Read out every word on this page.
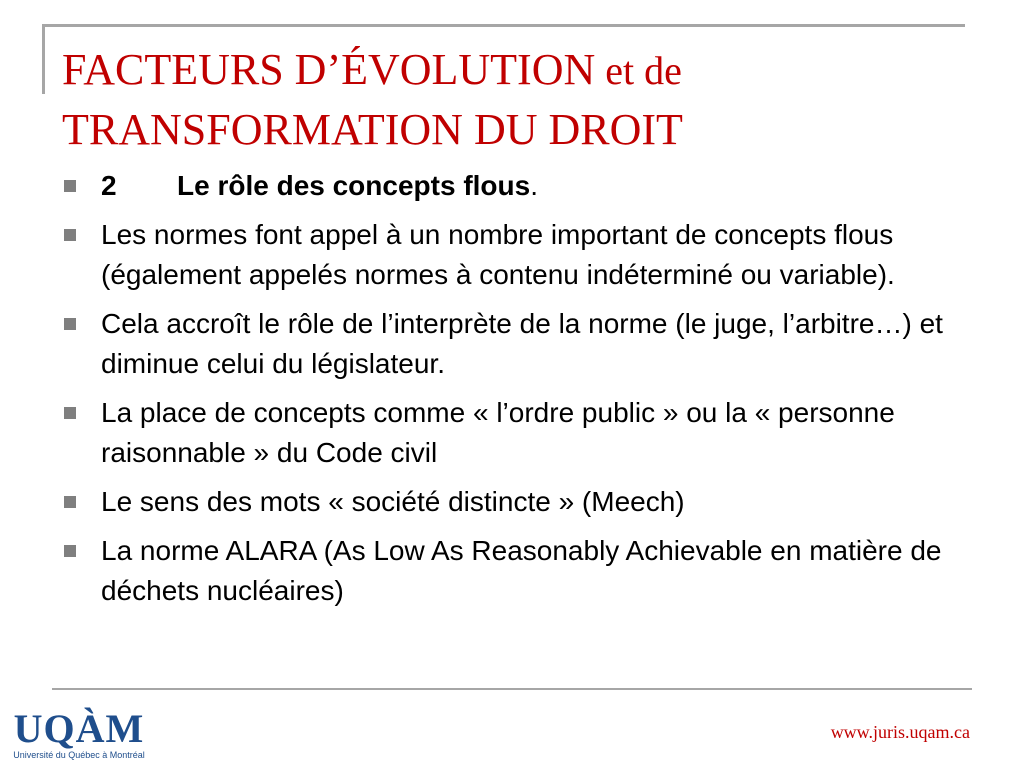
FACTEURS D’ÉVOLUTION et de
TRANSFORMATION DU DROIT
2 Le rôle des concepts flous.
Les normes font appel à un nombre important de concepts flous (également appelés normes à contenu indéterminé ou variable).
Cela accroît le rôle de l’interprète de la norme (le juge, l’arbitre…) et diminue celui du législateur.
La place de concepts comme « l’ordre public » ou la « personne raisonnable » du Code civil
Le sens des mots « société distincte » (Meech)
La norme ALARA (As Low As Reasonably Achievable en matière de déchets nucléaires)
UQÀM
Université du Québec à Montréal
www.juris.uqam.ca
